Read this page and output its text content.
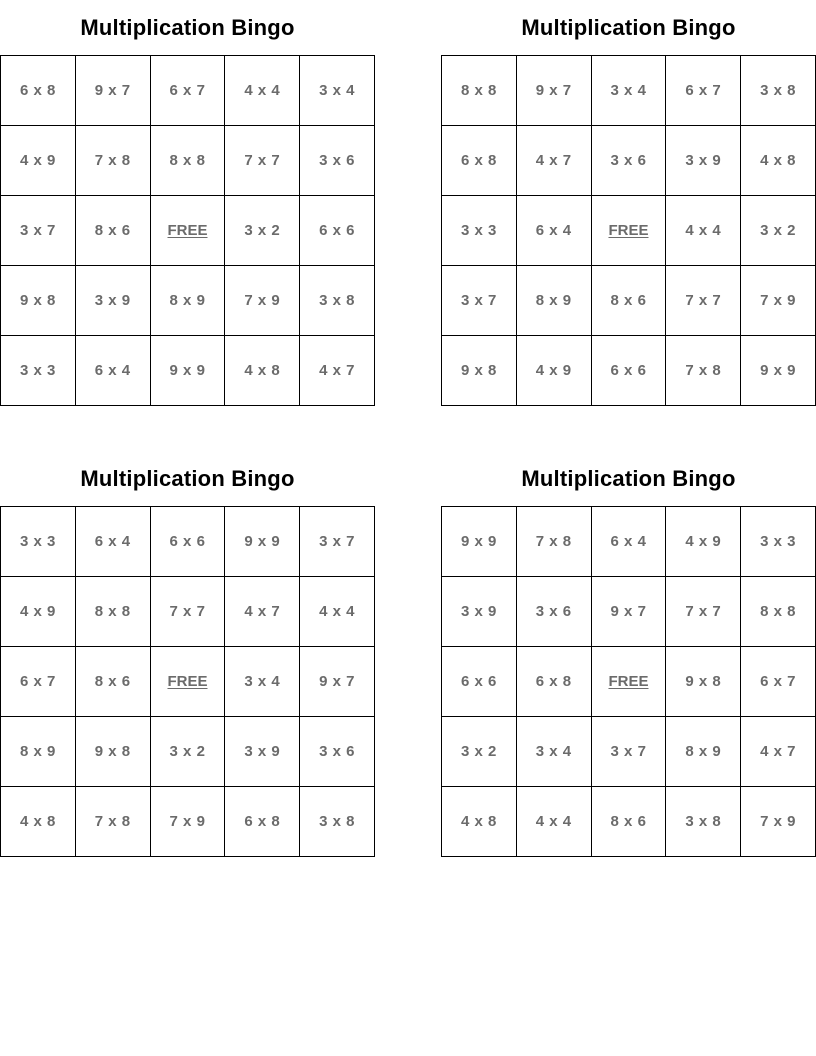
Multiplication Bingo
6 x 8	9 x 7	6 x 7	4 x 4	3 x 4
4 x 9	7 x 8	8 x 8	7 x 7	3 x 6
3 x 7	8 x 6	FREE	3 x 2	6 x 6
9 x 8	3 x 9	8 x 9	7 x 9	3 x 8
3 x 3	6 x 4	9 x 9	4 x 8	4 x 7
Multiplication Bingo
8 x 8	9 x 7	3 x 4	6 x 7	3 x 8
6 x 8	4 x 7	3 x 6	3 x 9	4 x 8
3 x 3	6 x 4	FREE	4 x 4	3 x 2
3 x 7	8 x 9	8 x 6	7 x 7	7 x 9
9 x 8	4 x 9	6 x 6	7 x 8	9 x 9
Multiplication Bingo
3 x 3	6 x 4	6 x 6	9 x 9	3 x 7
4 x 9	8 x 8	7 x 7	4 x 7	4 x 4
6 x 7	8 x 6	FREE	3 x 4	9 x 7
8 x 9	9 x 8	3 x 2	3 x 9	3 x 6
4 x 8	7 x 8	7 x 9	6 x 8	3 x 8
Multiplication Bingo
9 x 9	7 x 8	6 x 4	4 x 9	3 x 3
3 x 9	3 x 6	9 x 7	7 x 7	8 x 8
6 x 6	6 x 8	FREE	9 x 8	6 x 7
3 x 2	3 x 4	3 x 7	8 x 9	4 x 7
4 x 8	4 x 4	8 x 6	3 x 8	7 x 9
